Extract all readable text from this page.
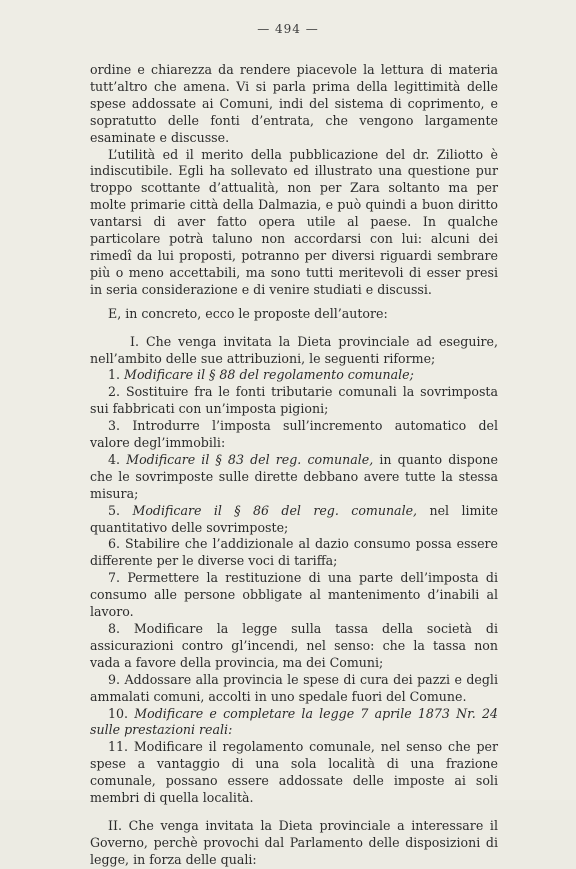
— 494 —

ordine e chiarezza da rendere piacevole la lettura di materia tutt’altro che amena. Vi si parla prima della legittimità delle spese addossate ai Comuni, indi del sistema di coprimento, e sopratutto delle fonti d’entrata, che vengono largamente esaminate e discusse.

L’utilità ed il merito della pubblicazione del dr. Ziliotto è indiscutibile. Egli ha sollevato ed illustrato una questione pur troppo scottante d’attualità, non per Zara soltanto ma per molte primarie città della Dalmazia, e può quindi a buon diritto vantarsi di aver fatto opera utile al paese. In qualche particolare potrà taluno non accordarsi con lui: alcuni dei rimedî da lui proposti, potranno per diversi riguardi sembrare più o meno accettabili, ma sono tutti meritevoli di esser presi in seria considerazione e di venire studiati e discussi.

E, in concreto, ecco le proposte dell’autore:

I. Che venga invitata la Dieta provinciale ad eseguire, nell’ambito delle sue attribuzioni, le seguenti riforme;

1. Modificare il § 88 del regolamento comunale;

2. Sostituire fra le fonti tributarie comunali la sovrimposta sui fabbricati con un’imposta pigioni;

3. Introdurre l’imposta sull’incremento automatico del valore degl’immobili:

4. Modificare il § 83 del reg. comunale, in quanto dispone che le sovrimposte sulle dirette debbano avere tutte la stessa misura;

5. Modificare il § 86 del reg. comunale, nel limite quantitativo delle sovrimposte;

6. Stabilire che l’addizionale al dazio consumo possa essere differente per le diverse voci di tariffa;

7. Permettere la restituzione di una parte dell’imposta di consumo alle persone obbligate al mantenimento d’inabili al lavoro.

8. Modificare la legge sulla tassa della società di assicurazioni contro gl’incendi, nel senso: che la tassa non vada a favore della provincia, ma dei Comuni;

9. Addossare alla provincia le spese di cura dei pazzi e degli ammalati comuni, accolti in uno spedale fuori del Comune.

10. Modificare e completare la legge 7 aprile 1873 Nr. 24 sulle prestazioni reali:

11. Modificare il regolamento comunale, nel senso che per spese a vantaggio di una sola località di una frazione comunale, possano essere addossate delle imposte ai soli membri di quella località.

II. Che venga invitata la Dieta provinciale a interessare il Governo, perchè provochi dal Parlamento delle disposizioni di legge, in forza delle quali:
